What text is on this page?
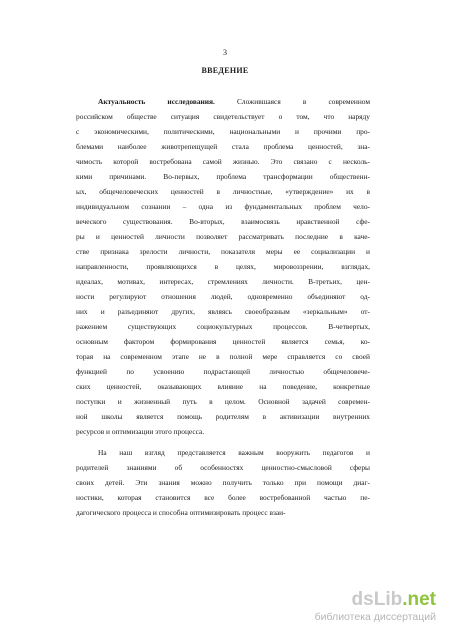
3
ВВЕДЕНИЕ
Актуальность исследования. Сложившаяся в современном
российском обществе ситуация свидетельствует о том, что наряду
с экономическими, политическими, национальными и прочими про-
блемами наиболее животрепещущей стала проблема ценностей, зна-
чимость которой востребована самой жизнью. Это связано с несколь-
кими причинами. Во-первых, проблема трансформации общественн-
ых, общечеловеческих ценностей в личностные, «утверждение» их в
индивидуальном сознании – одна из фундаментальных проблем чело-
веческого существования. Во-вторых, взаимосвязь нравственной сфе-
ры и ценностей личности позволяет рассматривать последние в каче-
стве признака зрелости личности, показателя меры ее социализации и
направленности, проявляющихся в целях, мировоззрении, взглядах,
идеалах, мотивах, интересах, стремлениях личности. В-третьих, цен-
ности регулируют отношения людей, одновременно объединяют од-
них и разъединяют других, являясь своеобразным «зеркальным» от-
ражением существующих социокультурных процессов. В-четвертых,
основным фактором формирования ценностей является семья, ко-
торая на современном этапе не в полной мере справляется со своей
функцией по усвоению подрастающей личностью общечеловече-
ских ценностей, оказывающих влияние на поведение, конкретные
поступки и жизненный путь в целом. Основной задачей современ-
ной школы является помощь родителям в активизации внутренних
ресурсов и оптимизации этого процесса.
На наш взгляд представляется важным вооружить педагогов и
родителей знаниями об особенностях ценностно-смысловой сферы
своих детей. Эти знания можно получить только при помощи диаг-
ностики, которая становится все более востребованной частью пе-
дагогического процесса и способна оптимизировать процесс взаи-
dsLib.net
библиотека диссертаций
